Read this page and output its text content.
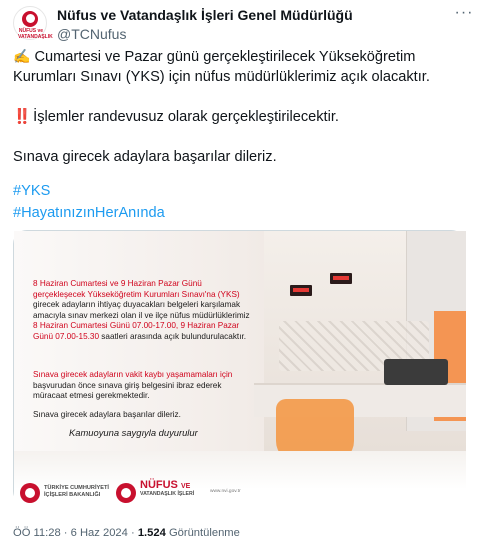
NÜFUS ve VATANDAŞLIK
Nüfus ve Vatandaşlık İşleri Genel Müdürlüğü
@TCNufus
···

✍️ Cumartesi ve Pazar günü gerçekleştirilecek Yükseköğretim Kurumları Sınavı (YKS) için nüfus müdürlüklerimiz açık olacaktır.

‼️ İşlemler randevusuz olarak gerçekleştirilecektir.

Sınava girecek adaylara başarılar dileriz.

#YKS
#HayatınızınHerAnında
8 Haziran Cumartesi ve 9 Haziran Pazar Günü gerçekleşecek Yükseköğretim Kurumları Sınavı'na (YKS) girecek adayların ihtiyaç duyacakları belgeleri karşılamak amacıyla sınav merkezi olan il ve ilçe nüfus müdürlüklerimiz 8 Haziran Cumartesi Günü 07.00-17.00, 9 Haziran Pazar Günü 07.00-15.30 saatleri arasında açık bulundurulacaktır.
Sınava girecek adayların vakit kaybı yaşamamaları için başvurudan önce sınava giriş belgesini ibraz ederek müracaat etmesi gerekmektedir.
Sınava girecek adaylara başarılar dileriz.
Kamuoyuna saygıyla duyurulur
TÜRKİYE CUMHURİYETİ
İÇİŞLERİ BAKANLIĞI
NÜFUS VE
VATANDAŞLIK İŞLERİ	www.nvi.gov.tr
ÖÖ 11:28 · 6 Haz 2024 · 1.524 Görüntülenme
